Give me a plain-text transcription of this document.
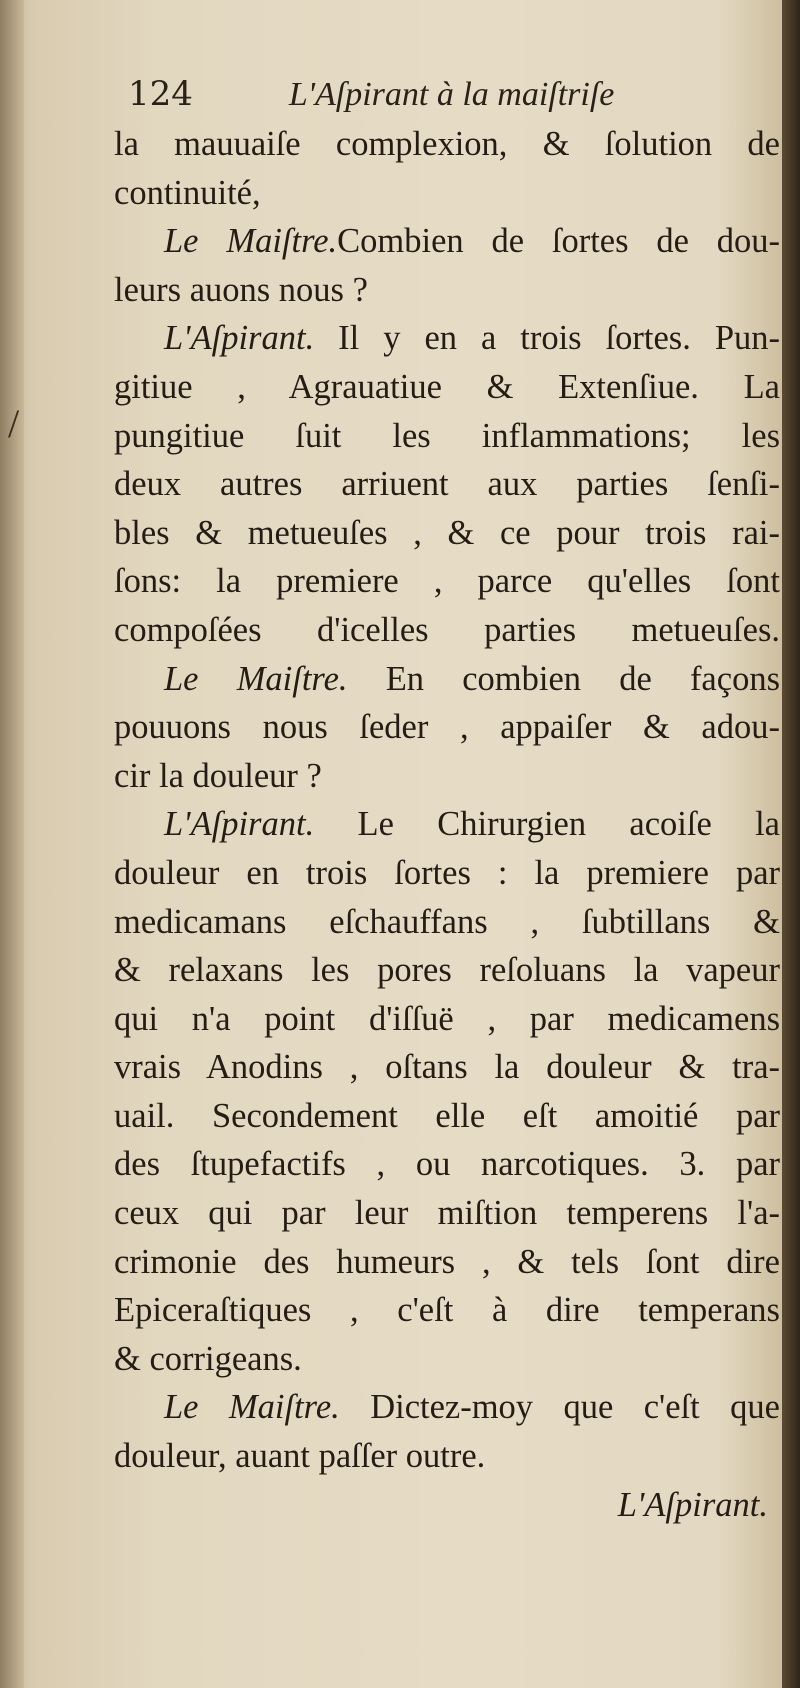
/
124	L'Aſpirant à la maiſtriſe
la mauuaiſe complexion, & ſolution de
continuité,
Le Maiſtre.Combien de ſortes de dou-
leurs auons nous ?
L'Aſpirant. Il y en a trois ſortes. Pun-
gitiue , Agrauatiue & Extenſiue. La
pungitiue ſuit les inflammations; les
deux autres arriuent aux parties ſenſi-
bles & metueuſes , & ce pour trois rai-
ſons: la premiere , parce qu'elles ſont
compoſées d'icelles parties metueuſes.
Le Maiſtre. En combien de façons
pouuons nous ſeder , appaiſer & adou-
cir la douleur ?
L'Aſpirant. Le Chirurgien acoiſe la
douleur en trois ſortes : la premiere par
medicamans eſchauffans , ſubtillans &
& relaxans les pores reſoluans la vapeur
qui n'a point d'iſſuë , par medicamens
vrais Anodins , oſtans la douleur & tra-
uail. Secondement elle eſt amoitié par
des ſtupefactifs , ou narcotiques. 3. par
ceux qui par leur miſtion temperens l'a-
crimonie des humeurs , & tels ſont dire
Epiceraſtiques , c'eſt à dire temperans
& corrigeans.
Le Maiſtre. Dictez-moy que c'eſt que
douleur, auant paſſer outre.
L'Aſpirant.
